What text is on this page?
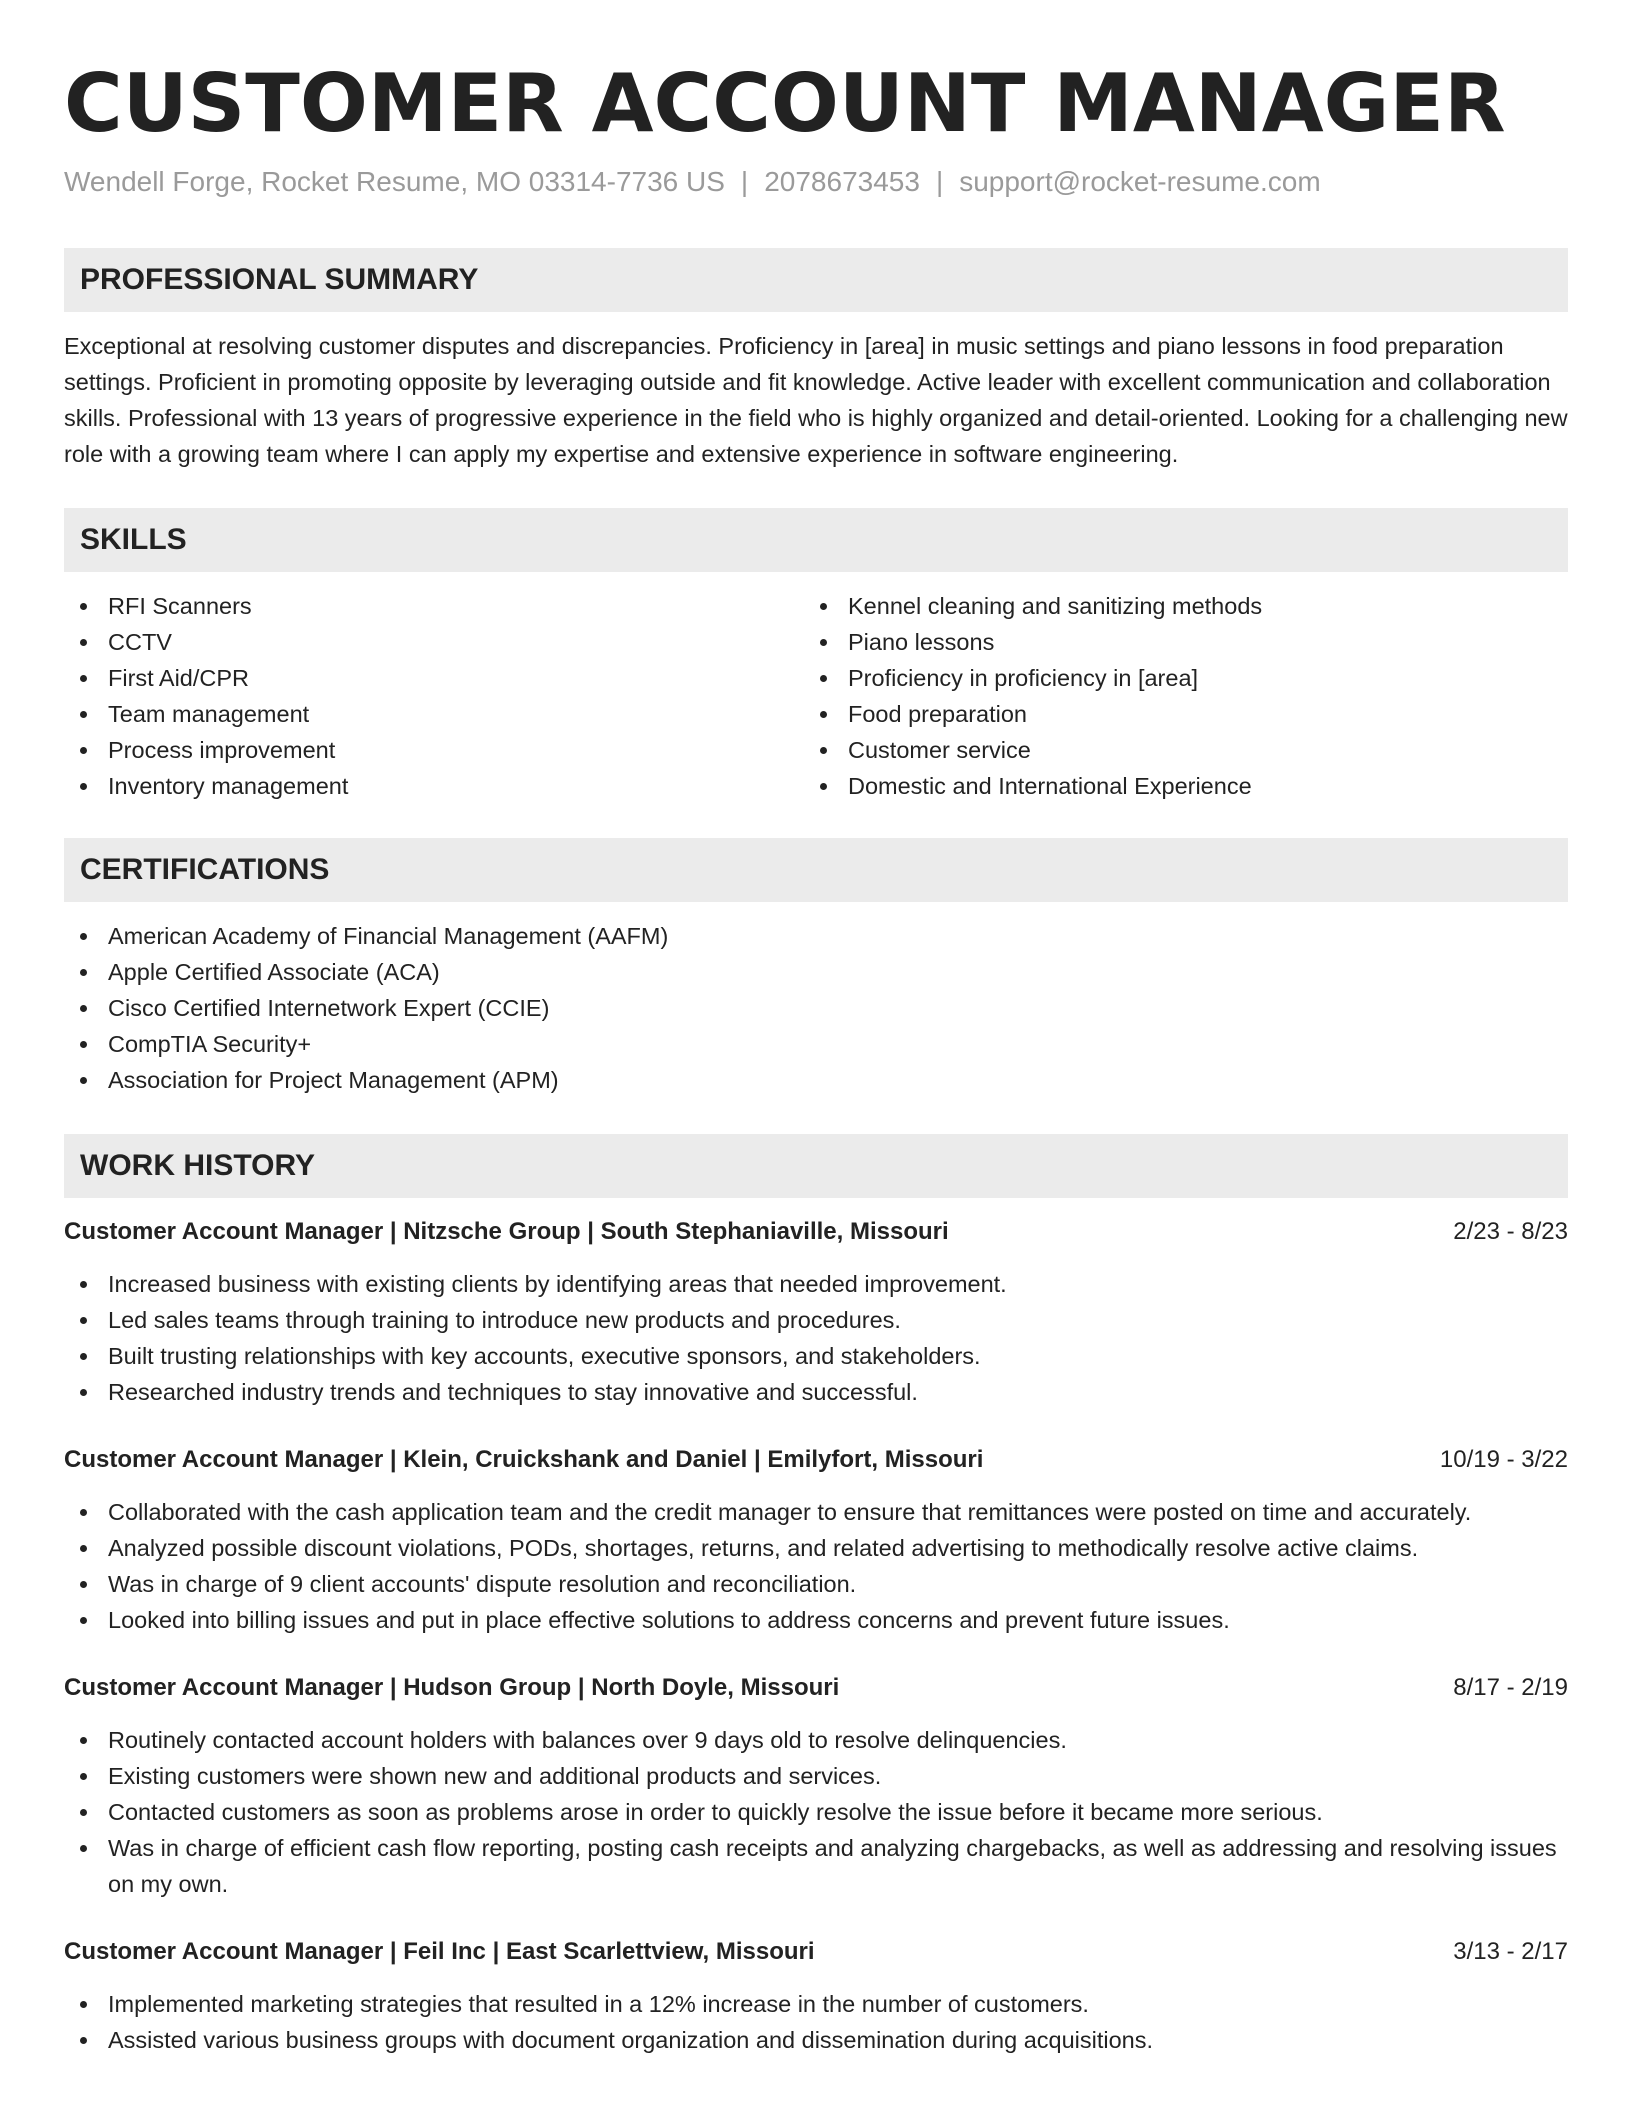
CUSTOMER ACCOUNT MANAGER
Wendell Forge, Rocket Resume, MO 03314-7736 US | 2078673453 | support@rocket-resume.com
PROFESSIONAL SUMMARY

Exceptional at resolving customer disputes and discrepancies. Proficiency in [area] in music settings and piano lessons in food preparation settings. Proficient in promoting opposite by leveraging outside and fit knowledge. Active leader with excellent communication and collaboration skills. Professional with 13 years of progressive experience in the field who is highly organized and detail-oriented. Looking for a challenging new role with a growing team where I can apply my expertise and extensive experience in software engineering.

SKILLS
RFI Scanners
CCTV
First Aid/CPR
Team management
Process improvement
Inventory management
Kennel cleaning and sanitizing methods
Piano lessons
Proficiency in proficiency in [area]
Food preparation
Customer service
Domestic and International Experience
CERTIFICATIONS
American Academy of Financial Management (AAFM)
Apple Certified Associate (ACA)
Cisco Certified Internetwork Expert (CCIE)
CompTIA Security+
Association for Project Management (APM)
WORK HISTORY
Customer Account Manager | Nitzsche Group | South Stephaniaville, Missouri	2/23 - 8/23
Increased business with existing clients by identifying areas that needed improvement.
Led sales teams through training to introduce new products and procedures.
Built trusting relationships with key accounts, executive sponsors, and stakeholders.
Researched industry trends and techniques to stay innovative and successful.
Customer Account Manager | Klein, Cruickshank and Daniel | Emilyfort, Missouri	10/19 - 3/22
Collaborated with the cash application team and the credit manager to ensure that remittances were posted on time and accurately.
Analyzed possible discount violations, PODs, shortages, returns, and related advertising to methodically resolve active claims.
Was in charge of 9 client accounts' dispute resolution and reconciliation.
Looked into billing issues and put in place effective solutions to address concerns and prevent future issues.
Customer Account Manager | Hudson Group | North Doyle, Missouri	8/17 - 2/19
Routinely contacted account holders with balances over 9 days old to resolve delinquencies.
Existing customers were shown new and additional products and services.
Contacted customers as soon as problems arose in order to quickly resolve the issue before it became more serious.
Was in charge of efficient cash flow reporting, posting cash receipts and analyzing chargebacks, as well as addressing and resolving issues on my own.
Customer Account Manager | Feil Inc | East Scarlettview, Missouri	3/13 - 2/17
Implemented marketing strategies that resulted in a 12% increase in the number of customers.
Assisted various business groups with document organization and dissemination during acquisitions.
